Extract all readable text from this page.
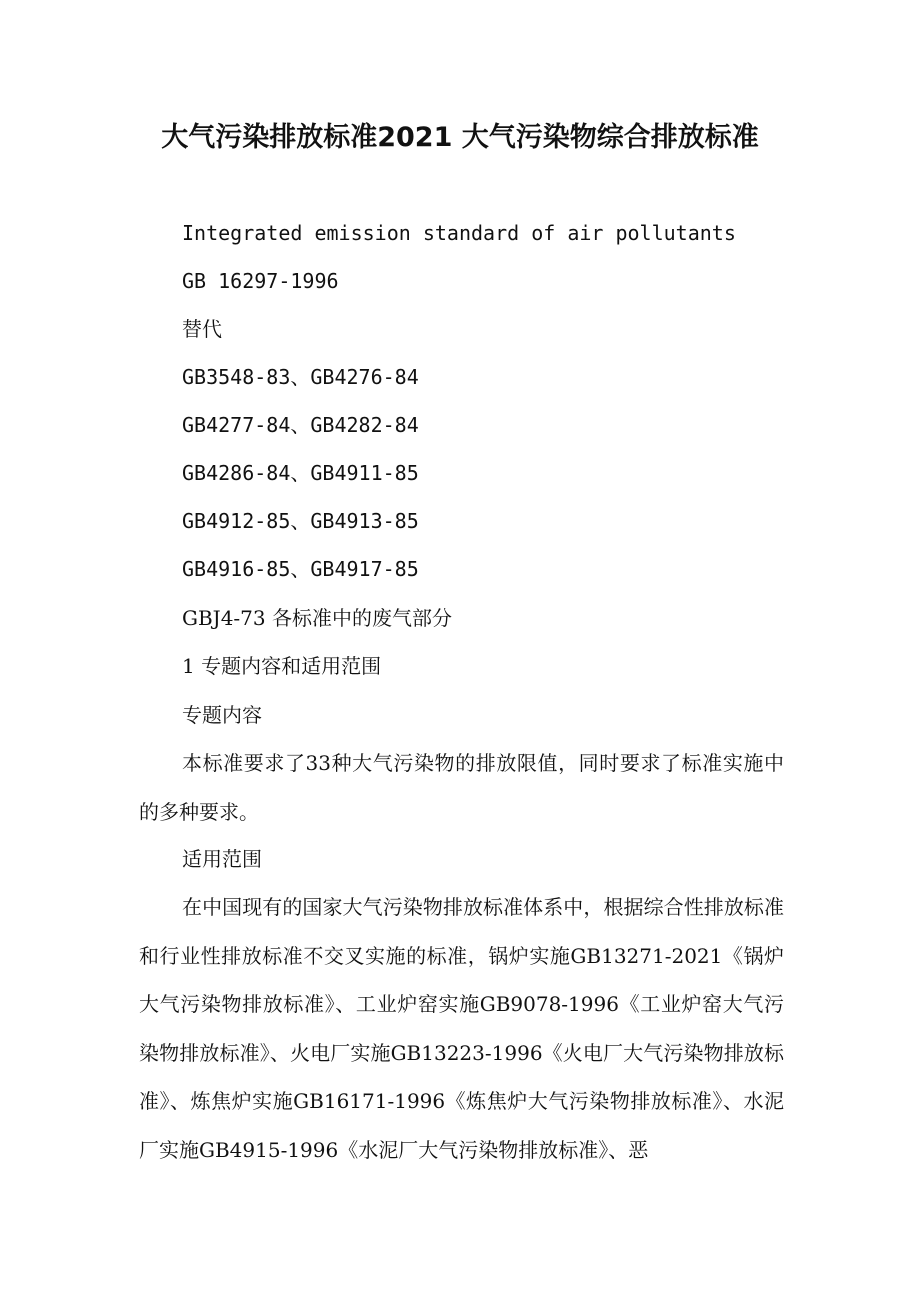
大气污染排放标准2021 大气污染物综合排放标准

Integrated emission standard of air pollutants

GB 16297-1996

替代

GB3548-83、GB4276-84

GB4277-84、GB4282-84

GB4286-84、GB4911-85

GB4912-85、GB4913-85

GB4916-85、GB4917-85

GBJ4-73 各标准中的废气部分

1 专题内容和适用范围

专题内容

本标准要求了33种大气污染物的排放限值，同时要求了标准实施中的多种要求。

适用范围

在中国现有的国家大气污染物排放标准体系中，根据综合性排放标准和行业性排放标准不交叉实施的标准，锅炉实施GB13271-2021《锅炉大气污染物排放标准》、工业炉窑实施GB9078-1996《工业炉窑大气污染物排放标准》、火电厂实施GB13223-1996《火电厂大气污染物排放标准》、炼焦炉实施GB16171-1996《炼焦炉大气污染物排放标准》、水泥厂实施GB4915-1996《水泥厂大气污染物排放标准》、恶
